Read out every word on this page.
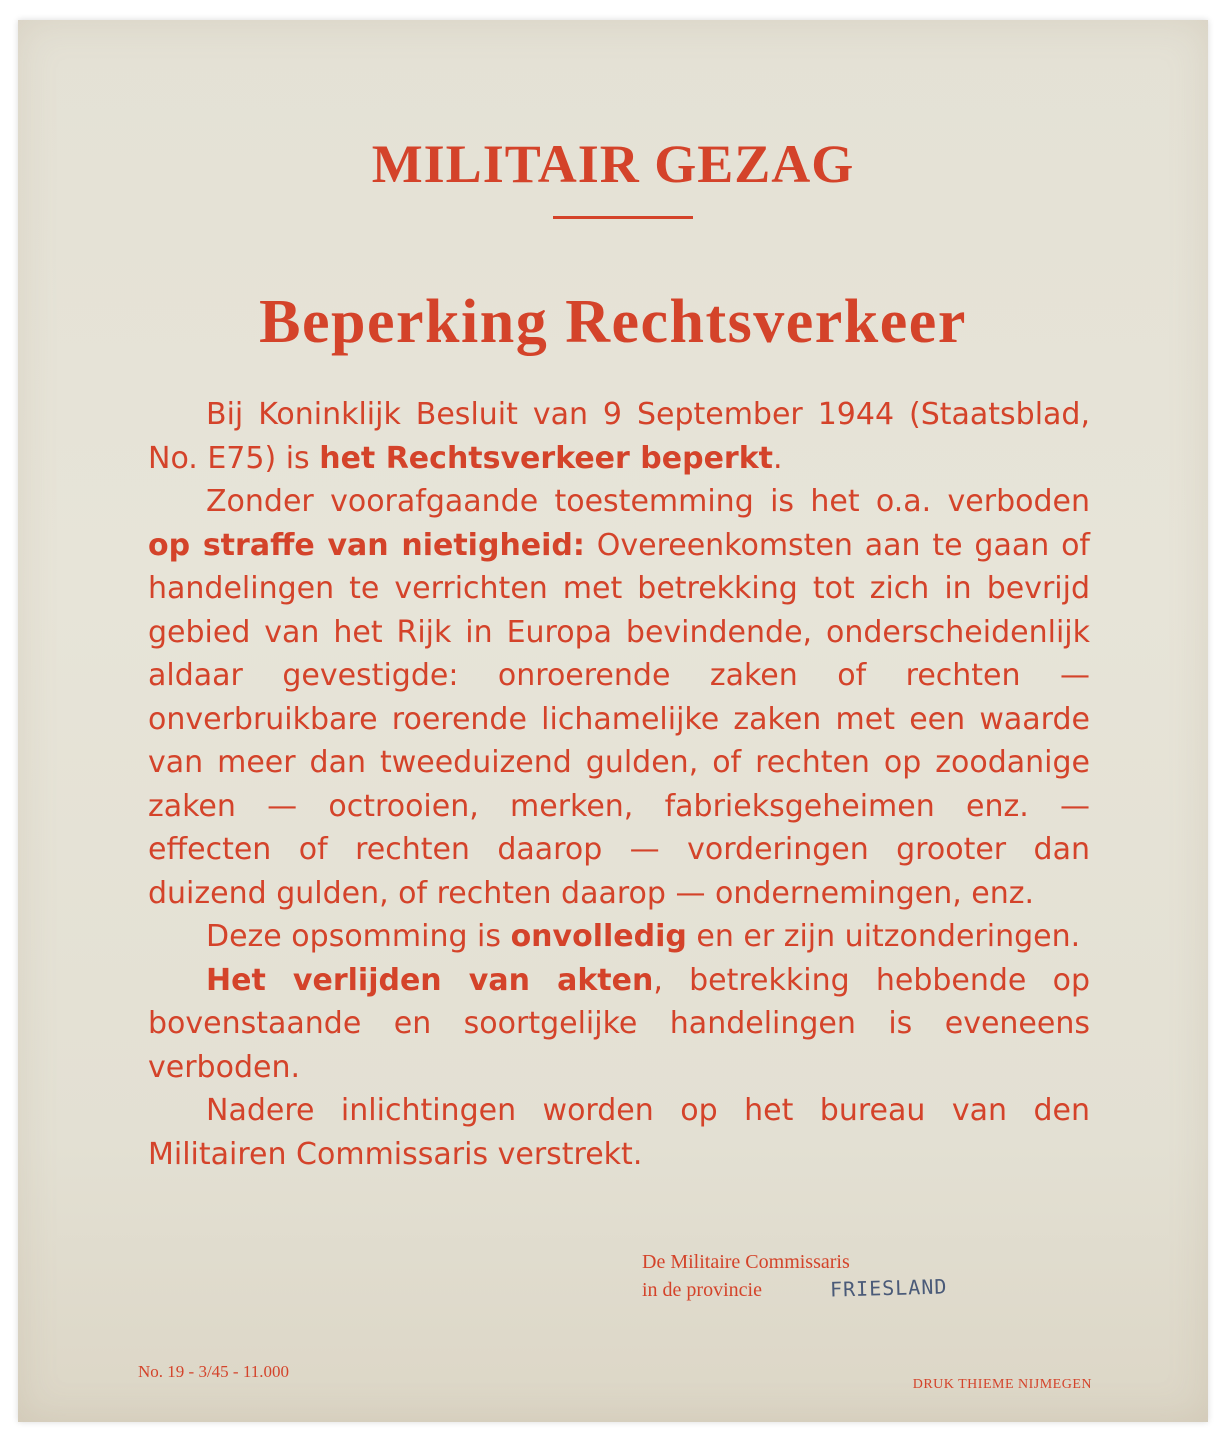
MILITAIR GEZAG
Beperking Rechtsverkeer

Bij Koninklijk Besluit van 9 September 1944 (Staatsblad, No. E75) is het Rechtsverkeer beperkt.

Zonder voorafgaande toestemming is het o.a. verboden op straffe van nietigheid: Overeenkomsten aan te gaan of handelingen te verrichten met betrekking tot zich in bevrijd gebied van het Rijk in Europa bevindende, onderscheidenlijk aldaar gevestigde: onroerende zaken of rechten — onverbruikbare roerende lichamelijke zaken met een waarde van meer dan tweeduizend gulden, of rechten op zoodanige zaken — octrooien, merken, fabrieksgeheimen enz. — effecten of rechten daarop — vorderingen grooter dan duizend gulden, of rechten daarop — ondernemingen, enz.

Deze opsomming is onvolledig en er zijn uitzonderingen.

Het verlijden van akten, betrekking hebbende op bovenstaande en soortgelijke handelingen is eveneens verboden.

Nadere inlichtingen worden op het bureau van den Militairen Commissaris verstrekt.

De Militaire Commissaris
in de provincie	FRIESLAND
No. 19 - 3/45 - 11.000
DRUK THIEME NIJMEGEN
